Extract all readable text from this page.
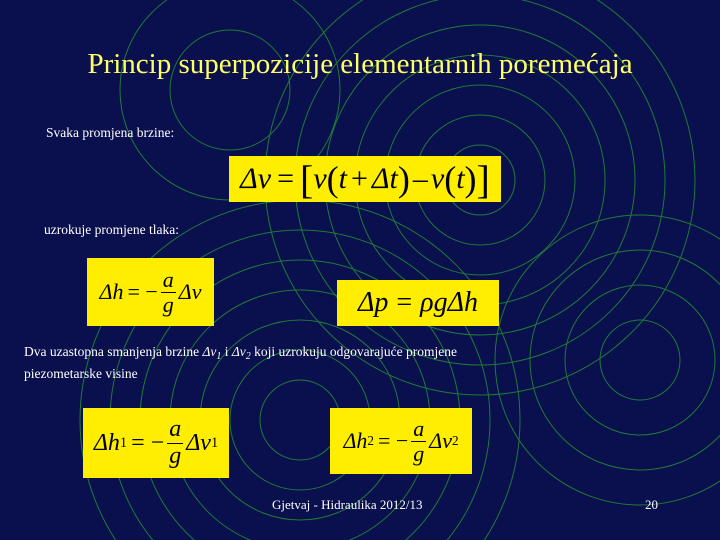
Princip superpozicije elementarnih poremećaja
Svaka promjena brzine:
Δv = [ v ( t + Δt ) – v ( t ) ]
uzrokuje promjene tlaka:
Δh = − $\frac{a}{g}$ Δv	Δp = ρgΔh
Dva uzastopna smanjenja brzine $\Delta v_1$ i $\Delta v_2$ koji uzrokuju odgovarajuće promjene
piezometarske visine
Δh 1 = − $\frac{a}{g}$ Δv 1	Δh 2 = − $\frac{a}{g}$ Δv 2
Gjetvaj - Hidraulika 2012/13	20
